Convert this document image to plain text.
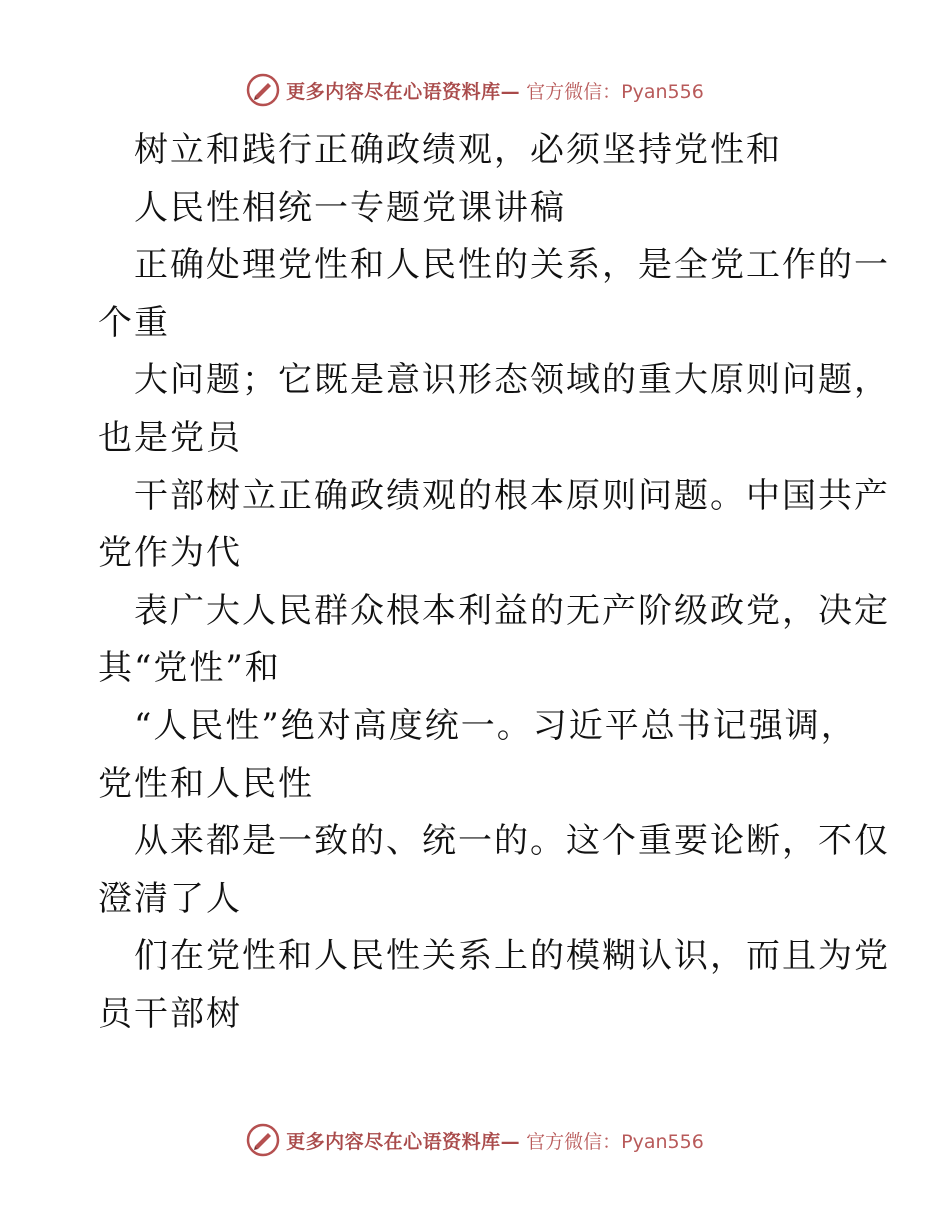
更多内容尽在心语资料库— 官方微信：Pyan556
树立和践行正确政绩观，必须坚持党性和
人民性相统一专题党课讲稿
正确处理党性和人民性的关系，是全党工作的一
个重
大问题；它既是意识形态领域的重大原则问题，
也是党员
干部树立正确政绩观的根本原则问题。中国共产
党作为代
表广大人民群众根本利益的无产阶级政党，决定
其“党性”和
“人民性”绝对高度统一。习近平总书记强调，
党性和人民性
从来都是一致的、统一的。这个重要论断，不仅
澄清了人
们在党性和人民性关系上的模糊认识，而且为党
员干部树
更多内容尽在心语资料库— 官方微信：Pyan556
